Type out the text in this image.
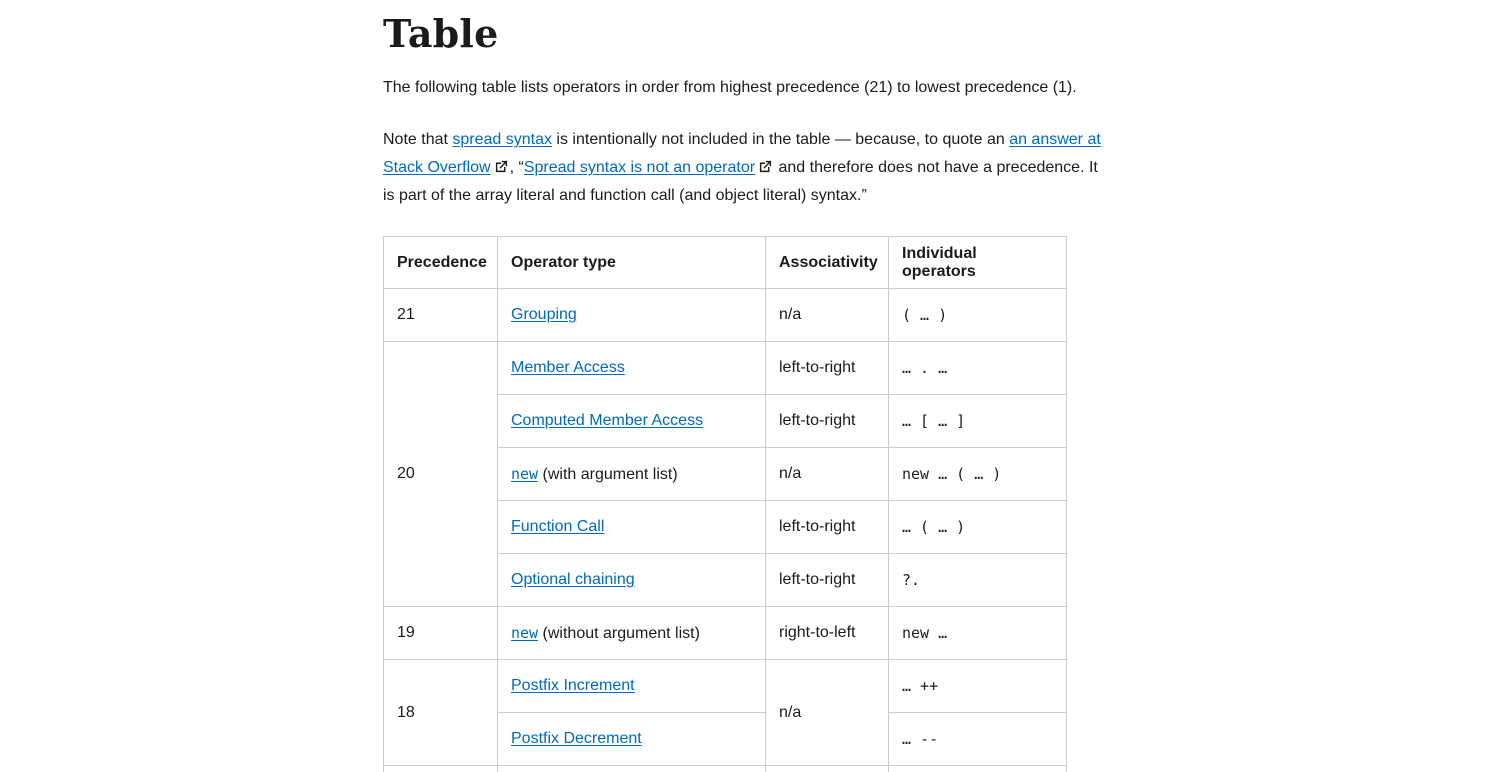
Table

The following table lists operators in order from highest precedence (21) to lowest precedence (1).

Note that spread syntax is intentionally not included in the table — because, to quote an an answer at Stack Overflow , “Spread syntax is not an operator and therefore does not have a precedence. It is part of the array literal and function call (and object literal) syntax.”

Precedence	Operator type	Associativity	Individual operators
21	Grouping	n/a	( … )
20	Member Access	left-to-right	… . …
	Computed Member Access	left-to-right	… [ … ]
	new (with argument list)	n/a	new … ( … )
	Function Call	left-to-right	… ( … )
	Optional chaining	left-to-right	?.
19	new (without argument list)	right-to-left	new …
18	Postfix Increment	n/a	… ++
	Postfix Decrement		… --
